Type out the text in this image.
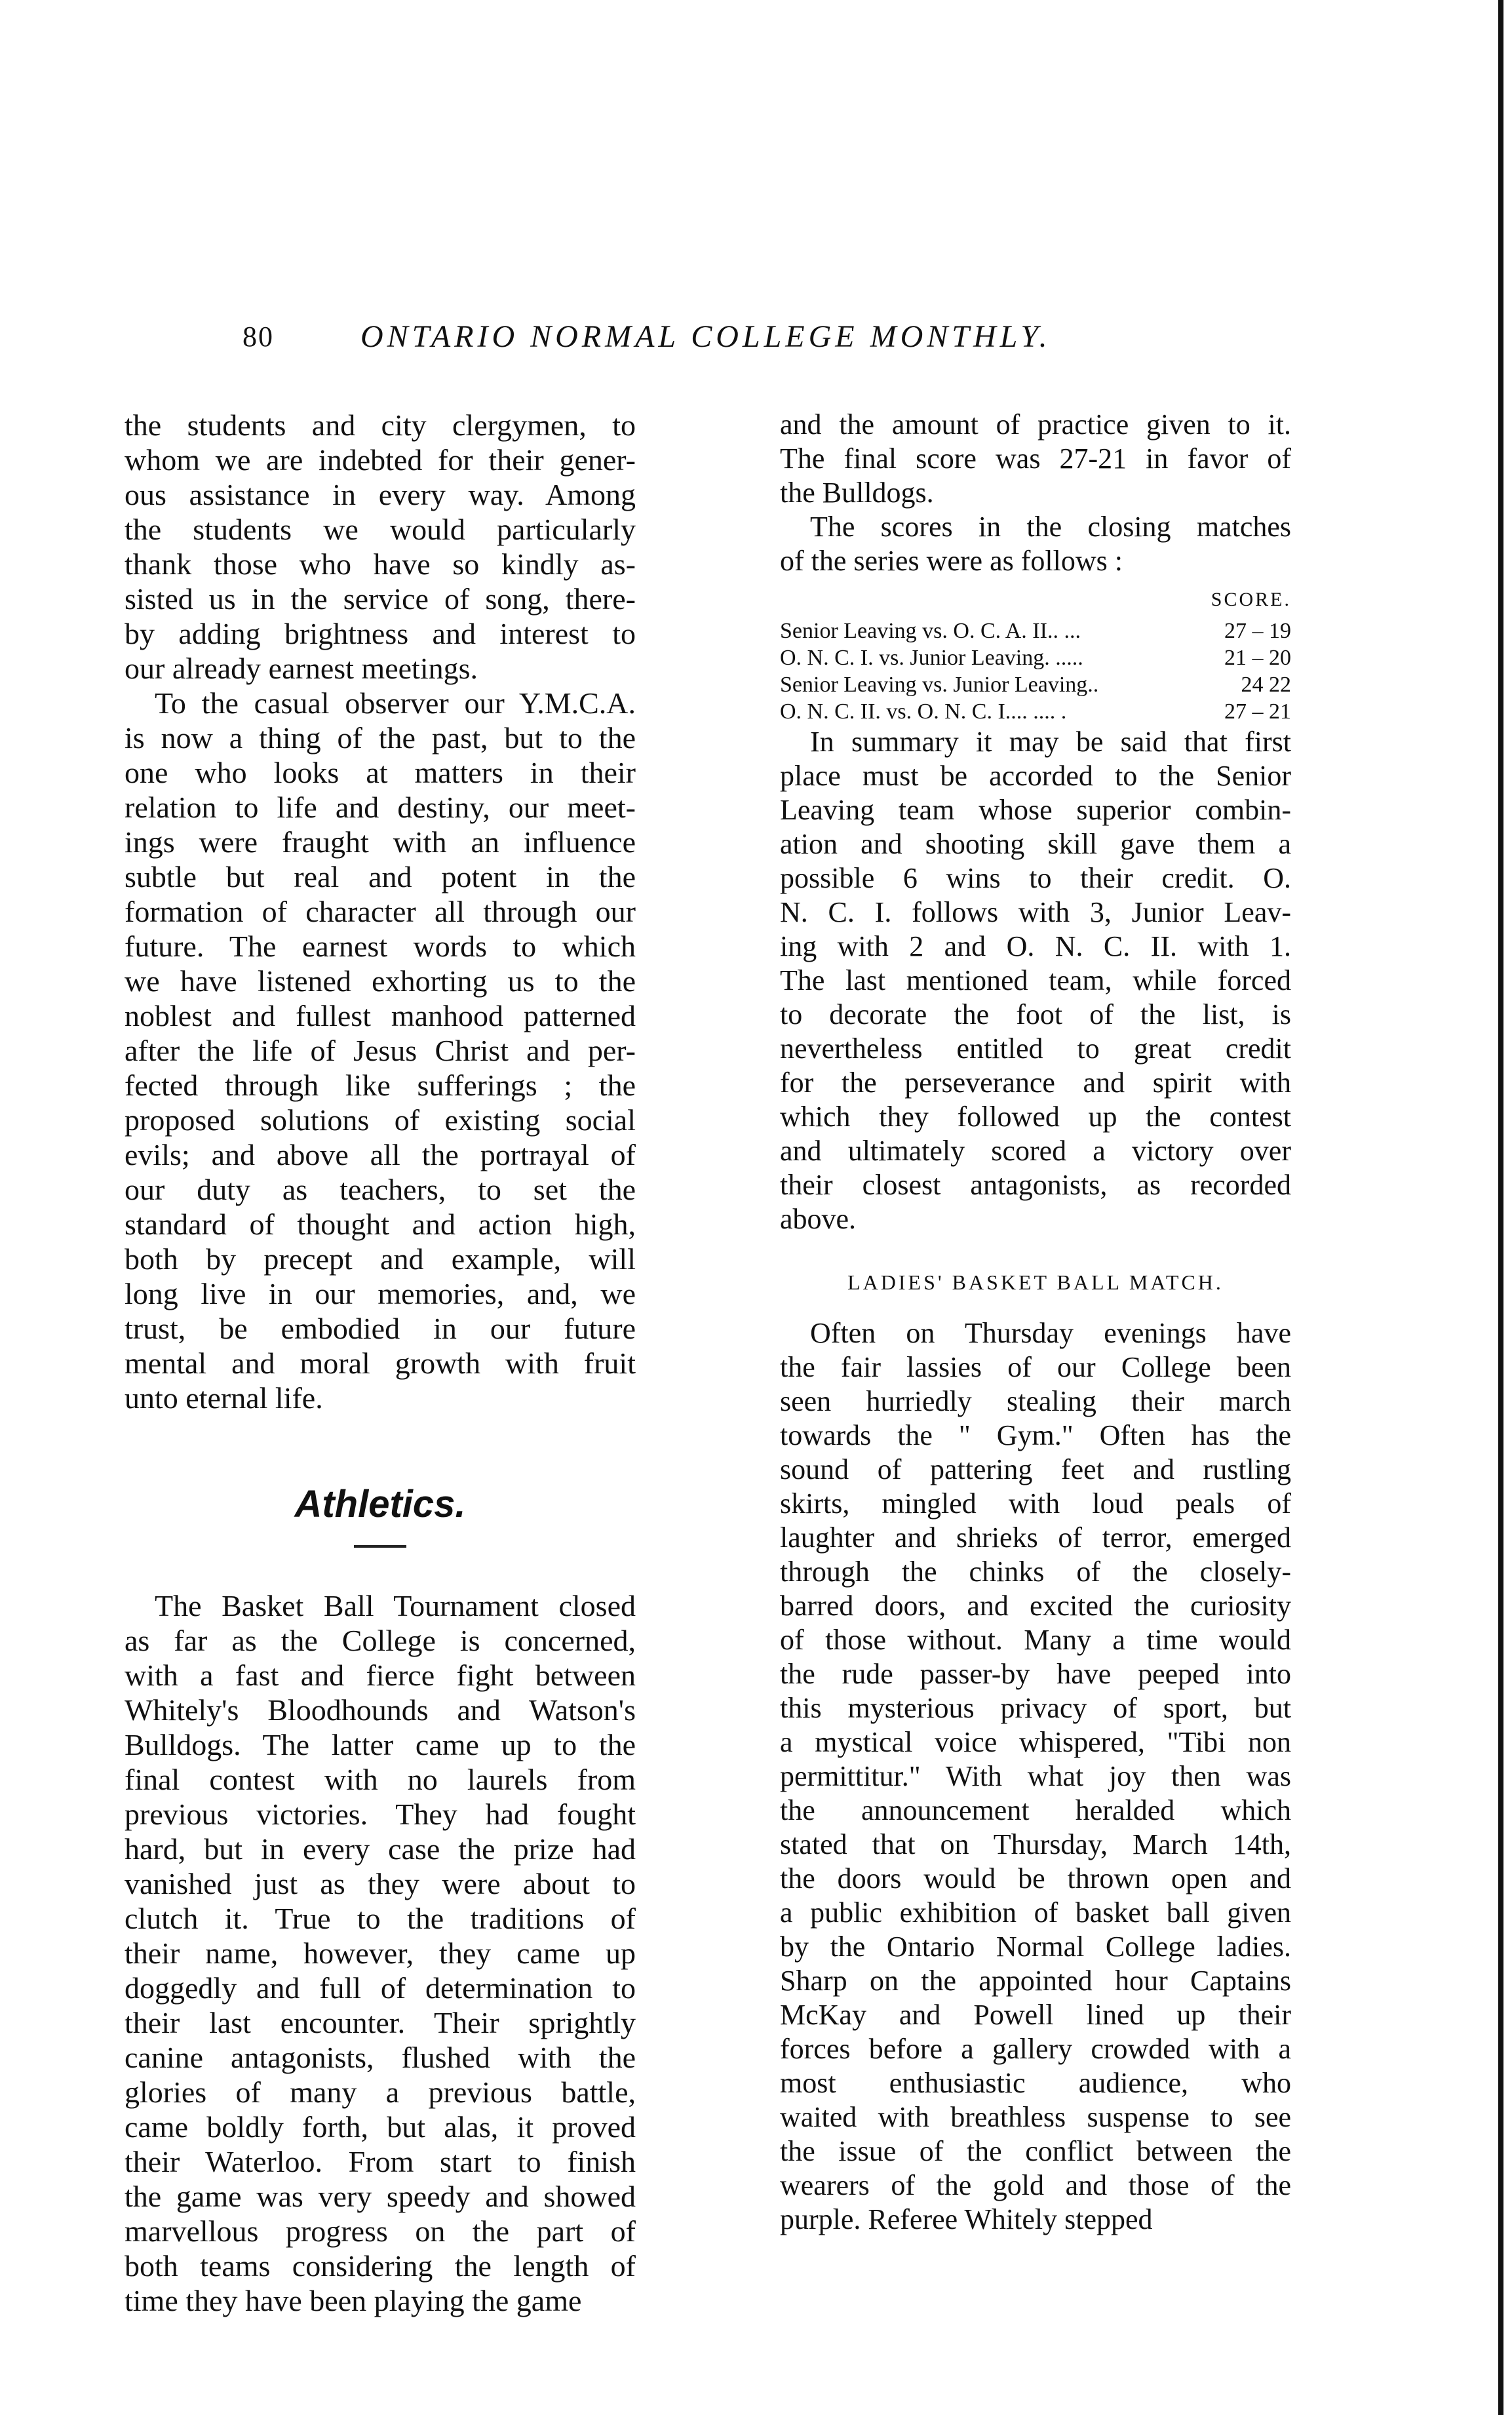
80	ONTARIO NORMAL COLLEGE MONTHLY.
the students and city clergymen, to
whom we are indebted for their gener-
ous assistance in every way. Among
the students we would particularly
thank those who have so kindly as-
sisted us in the service of song, there-
by adding brightness and interest to
our already earnest meetings.
To the casual observer our Y.M.C.A.
is now a thing of the past, but to the
one who looks at matters in their
relation to life and destiny, our meet-
ings were fraught with an influence
subtle but real and potent in the
formation of character all through our
future. The earnest words to which
we have listened exhorting us to the
noblest and fullest manhood patterned
after the life of Jesus Christ and per-
fected through like sufferings ; the
proposed solutions of existing social
evils; and above all the portrayal of
our duty as teachers, to set the
standard of thought and action high,
both by precept and example, will
long live in our memories, and, we
trust, be embodied in our future
mental and moral growth with fruit
unto eternal life.
Athletics.
The Basket Ball Tournament closed
as far as the College is concerned,
with a fast and fierce fight between
Whitely's Bloodhounds and Watson's
Bulldogs. The latter came up to the
final contest with no laurels from
previous victories. They had fought
hard, but in every case the prize had
vanished just as they were about to
clutch it. True to the traditions of
their name, however, they came up
doggedly and full of determination to
their last encounter. Their sprightly
canine antagonists, flushed with the
glories of many a previous battle,
came boldly forth, but alas, it proved
their Waterloo. From start to finish
the game was very speedy and showed
marvellous progress on the part of
both teams considering the length of
time they have been playing the game
and the amount of practice given to it.
The final score was 27-21 in favor of
the Bulldogs.
The scores in the closing matches
of the series were as follows :
SCORE.
Senior Leaving vs. O. C. A. II.. ...	27 – 19
O. N. C. I. vs. Junior Leaving. .....	21 – 20
Senior Leaving vs. Junior Leaving..	24 22
O. N. C. II. vs. O. N. C. I.... .... .	27 – 21
In summary it may be said that first
place must be accorded to the Senior
Leaving team whose superior combin-
ation and shooting skill gave them a
possible 6 wins to their credit. O.
N. C. I. follows with 3, Junior Leav-
ing with 2 and O. N. C. II. with 1.
The last mentioned team, while forced
to decorate the foot of the list, is
nevertheless entitled to great credit
for the perseverance and spirit with
which they followed up the contest
and ultimately scored a victory over
their closest antagonists, as recorded
above.
LADIES' BASKET BALL MATCH.
Often on Thursday evenings have
the fair lassies of our College been
seen hurriedly stealing their march
towards the " Gym." Often has the
sound of pattering feet and rustling
skirts, mingled with loud peals of
laughter and shrieks of terror, emerged
through the chinks of the closely-
barred doors, and excited the curiosity
of those without. Many a time would
the rude passer-by have peeped into
this mysterious privacy of sport, but
a mystical voice whispered, "Tibi non
permittitur." With what joy then was
the announcement heralded which
stated that on Thursday, March 14th,
the doors would be thrown open and
a public exhibition of basket ball given
by the Ontario Normal College ladies.
Sharp on the appointed hour Captains
McKay and Powell lined up their
forces before a gallery crowded with a
most enthusiastic audience, who
waited with breathless suspense to see
the issue of the conflict between the
wearers of the gold and those of the
purple. Referee Whitely stepped
